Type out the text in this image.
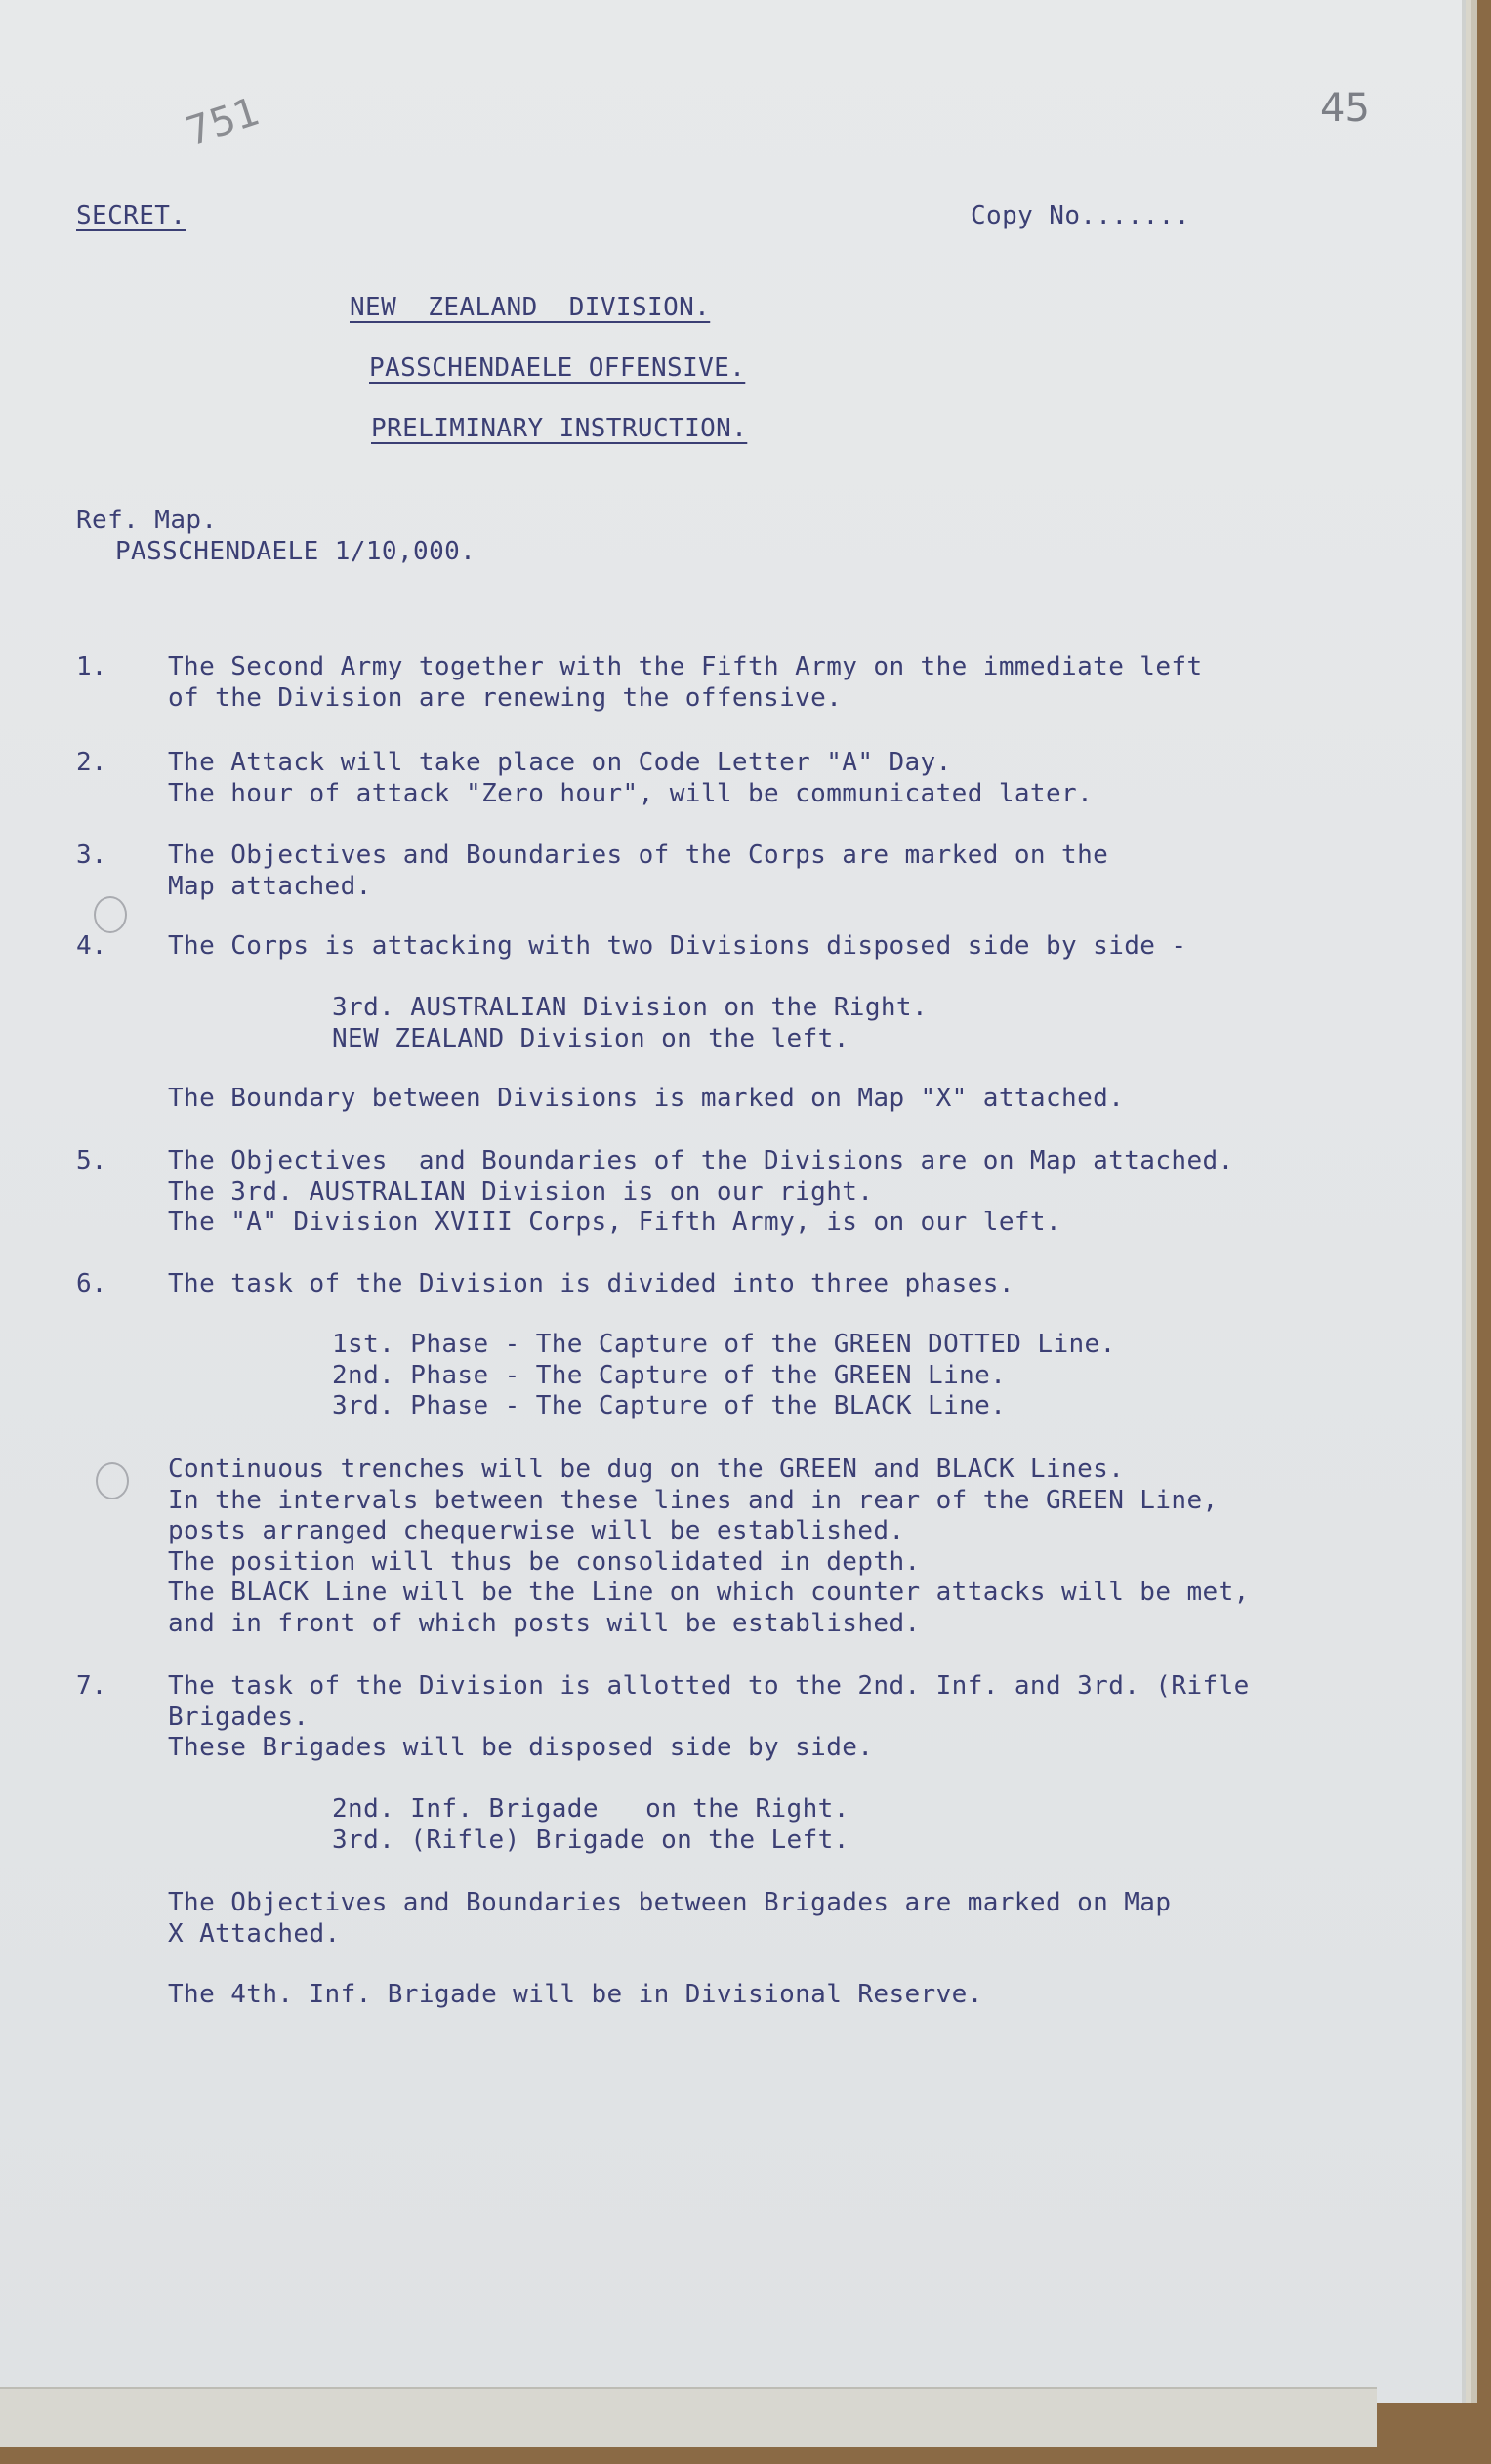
751	45
SECRET.	Copy No.......
NEW  ZEALAND  DIVISION.
PASSCHENDAELE OFFENSIVE.
PRELIMINARY INSTRUCTION.
Ref. Map.
PASSCHENDAELE 1/10,000.
1. The Second Army together with the Fifth Army on the immediate left
of the Division are renewing the offensive.
2. The Attack will take place on Code Letter "A" Day.
The hour of attack "Zero hour", will be communicated later.
3. The Objectives and Boundaries of the Corps are marked on the
Map attached.
4. The Corps is attacking with two Divisions disposed side by side -
3rd. AUSTRALIAN Division on the Right.
NEW ZEALAND Division on the left.
The Boundary between Divisions is marked on Map "X" attached.
5. The Objectives  and Boundaries of the Divisions are on Map attached.
The 3rd. AUSTRALIAN Division is on our right.
The "A" Division XVIII Corps, Fifth Army, is on our left.
6. The task of the Division is divided into three phases.
1st. Phase - The Capture of the GREEN DOTTED Line.
2nd. Phase - The Capture of the GREEN Line.
3rd. Phase - The Capture of the BLACK Line.
Continuous trenches will be dug on the GREEN and BLACK Lines.
In the intervals between these lines and in rear of the GREEN Line,
posts arranged chequerwise will be established.
The position will thus be consolidated in depth.
The BLACK Line will be the Line on which counter attacks will be met,
and in front of which posts will be established.
7. The task of the Division is allotted to the 2nd. Inf. and 3rd. (Rifle
Brigades.
These Brigades will be disposed side by side.
2nd. Inf. Brigade   on the Right.
3rd. (Rifle) Brigade on the Left.
The Objectives and Boundaries between Brigades are marked on Map
X Attached.
The 4th. Inf. Brigade will be in Divisional Reserve.
